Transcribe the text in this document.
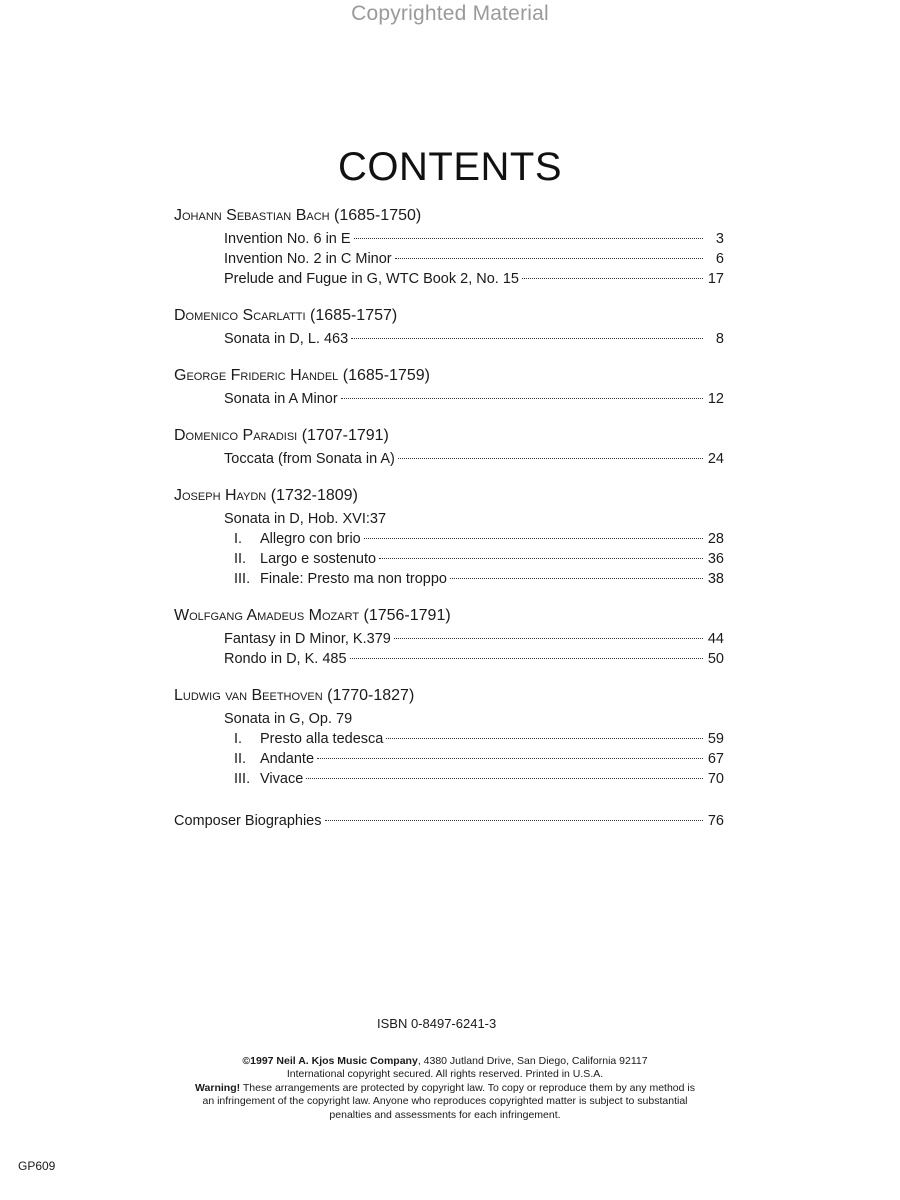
Copyrighted Material
CONTENTS
Johann Sebastian Bach (1685-1750)
Invention No. 6 in E	3
Invention No. 2 in C Minor	6
Prelude and Fugue in G, WTC Book 2, No. 15	17
Domenico Scarlatti (1685-1757)
Sonata in D, L. 463	8
George Frideric Handel (1685-1759)
Sonata in A Minor	12
Domenico Paradisi (1707-1791)
Toccata (from Sonata in A)	24
Joseph Haydn (1732-1809)
Sonata in D, Hob. XVI:37
I.	Allegro con brio	28
II. Largo e sostenuto	36
III. Finale: Presto ma non troppo	38
Wolfgang Amadeus Mozart (1756-1791)
Fantasy in D Minor, K.379	44
Rondo in D, K. 485	50
Ludwig van Beethoven (1770-1827)
Sonata in G, Op. 79
I.	Presto alla tedesca	59
II. Andante	67
III. Vivace	70
Composer Biographies	76
ISBN 0-8497-6241-3
©1997 Neil A. Kjos Music Company, 4380 Jutland Drive, San Diego, California 92117
International copyright secured. All rights reserved. Printed in U.S.A.
Warning! These arrangements are protected by copyright law. To copy or reproduce them by any method is an infringement of the copyright law. Anyone who reproduces copyrighted matter is subject to substantial penalties and assessments for each infringement.
GP609
